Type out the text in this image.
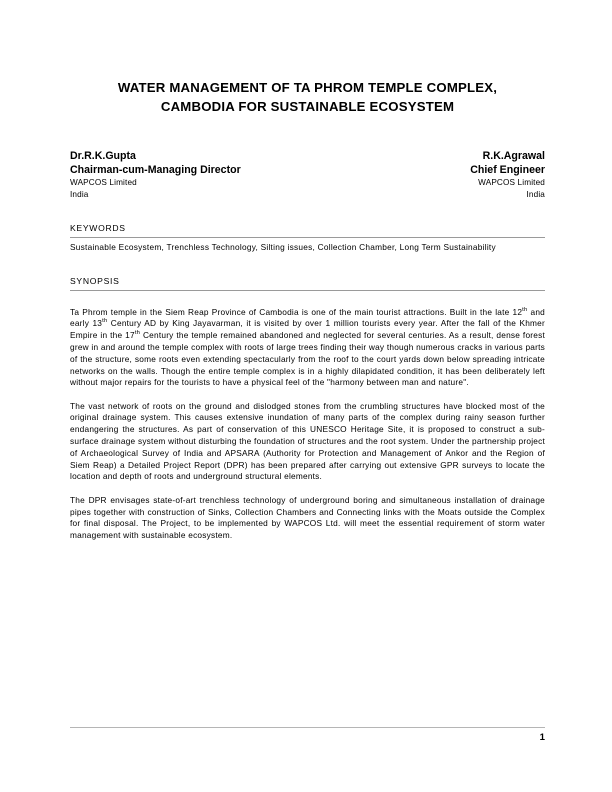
WATER MANAGEMENT OF TA PHROM TEMPLE COMPLEX,
CAMBODIA FOR SUSTAINABLE ECOSYSTEM
Dr.R.K.Gupta
Chairman-cum-Managing Director
WAPCOS Limited
India
R.K.Agrawal
Chief Engineer
WAPCOS Limited
India
KEYWORDS
Sustainable Ecosystem, Trenchless Technology, Silting issues, Collection Chamber, Long Term Sustainability
SYNOPSIS

Ta Phrom temple in the Siem Reap Province of Cambodia is one of the main tourist attractions. Built in the late 12th and early 13th Century AD by King Jayavarman, it is visited by over 1 million tourists every year. After the fall of the Khmer Empire in the 17th Century the temple remained abandoned and neglected for several centuries. As a result, dense forest grew in and around the temple complex with roots of large trees finding their way though numerous cracks in various parts of the structure, some roots even extending spectacularly from the roof to the court yards down below spreading intricate networks on the walls. Though the entire temple complex is in a highly dilapidated condition, it has been deliberately left without major repairs for the tourists to have a physical feel of the "harmony between man and nature".

The vast network of roots on the ground and dislodged stones from the crumbling structures have blocked most of the original drainage system. This causes extensive inundation of many parts of the complex during rainy season further endangering the structures. As part of conservation of this UNESCO Heritage Site, it is proposed to construct a sub-surface drainage system without disturbing the foundation of structures and the root system. Under the partnership project of Archaeological Survey of India and APSARA (Authority for Protection and Management of Ankor and the Region of Siem Reap) a Detailed Project Report (DPR) has been prepared after carrying out extensive GPR surveys to locate the location and depth of roots and underground structural elements.

The DPR envisages state-of-art trenchless technology of underground boring and simultaneous installation of drainage pipes together with construction of Sinks, Collection Chambers and Connecting links with the Moats outside the Complex for final disposal. The Project, to be implemented by WAPCOS Ltd. will meet the essential requirement of storm water management with sustainable ecosystem.

1
